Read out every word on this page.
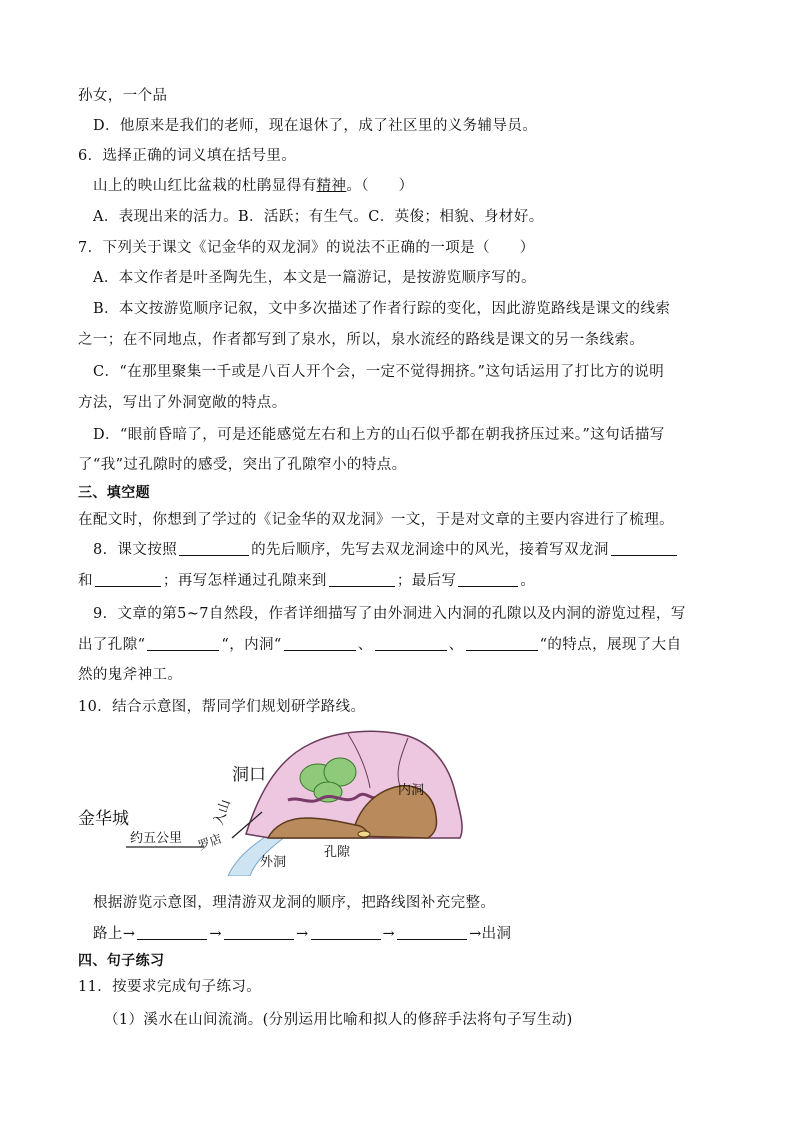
孙女，一个品
D．他原来是我们的老师，现在退休了，成了社区里的义务辅导员。
6．选择正确的词义填在括号里。
山上的映山红比盆栽的杜鹃显得有精神。（　　）
A．表现出来的活力。B．活跃；有生气。C．英俊；相貌、身材好。
7．下列关于课文《记金华的双龙洞》的说法不正确的一项是（　　）
A．本文作者是叶圣陶先生，本文是一篇游记，是按游览顺序写的。
B．本文按游览顺序记叙，文中多次描述了作者行踪的变化，因此游览路线是课文的线索
之一；在不同地点，作者都写到了泉水，所以，泉水流经的路线是课文的另一条线索。
C．“在那里聚集一千或是八百人开个会，一定不觉得拥挤。”这句话运用了打比方的说明
方法，写出了外洞宽敞的特点。
D．“眼前昏暗了，可是还能感觉左右和上方的山石似乎都在朝我挤压过来。”这句话描写
了“我”过孔隙时的感受，突出了孔隙窄小的特点。
三、填空题
在配文时，你想到了学过的《记金华的双龙洞》一文，于是对文章的主要内容进行了梳理。
8．课文按照	的先后顺序，先写去双龙洞途中的风光，接着写双龙洞
和	；再写怎样通过孔隙来到	；最后写	。
9．文章的第5~7自然段，作者详细描写了由外洞进入内洞的孔隙以及内洞的游览过程，写
出了孔隙“	“，内洞“	、	、	“的特点，展现了大自
然的鬼斧神工。
10．结合示意图，帮同学们规划研学路线。
金华城
约五公里 罗店
入山
洞口
内洞
外洞
孔隙
根据游览示意图，理清游双龙洞的顺序，把路线图补充完整。
路上→	→	→	→	→出洞
四、句子练习
11．按要求完成句子练习。
（1）溪水在山间流淌。(分别运用比喻和拟人的修辞手法将句子写生动)
